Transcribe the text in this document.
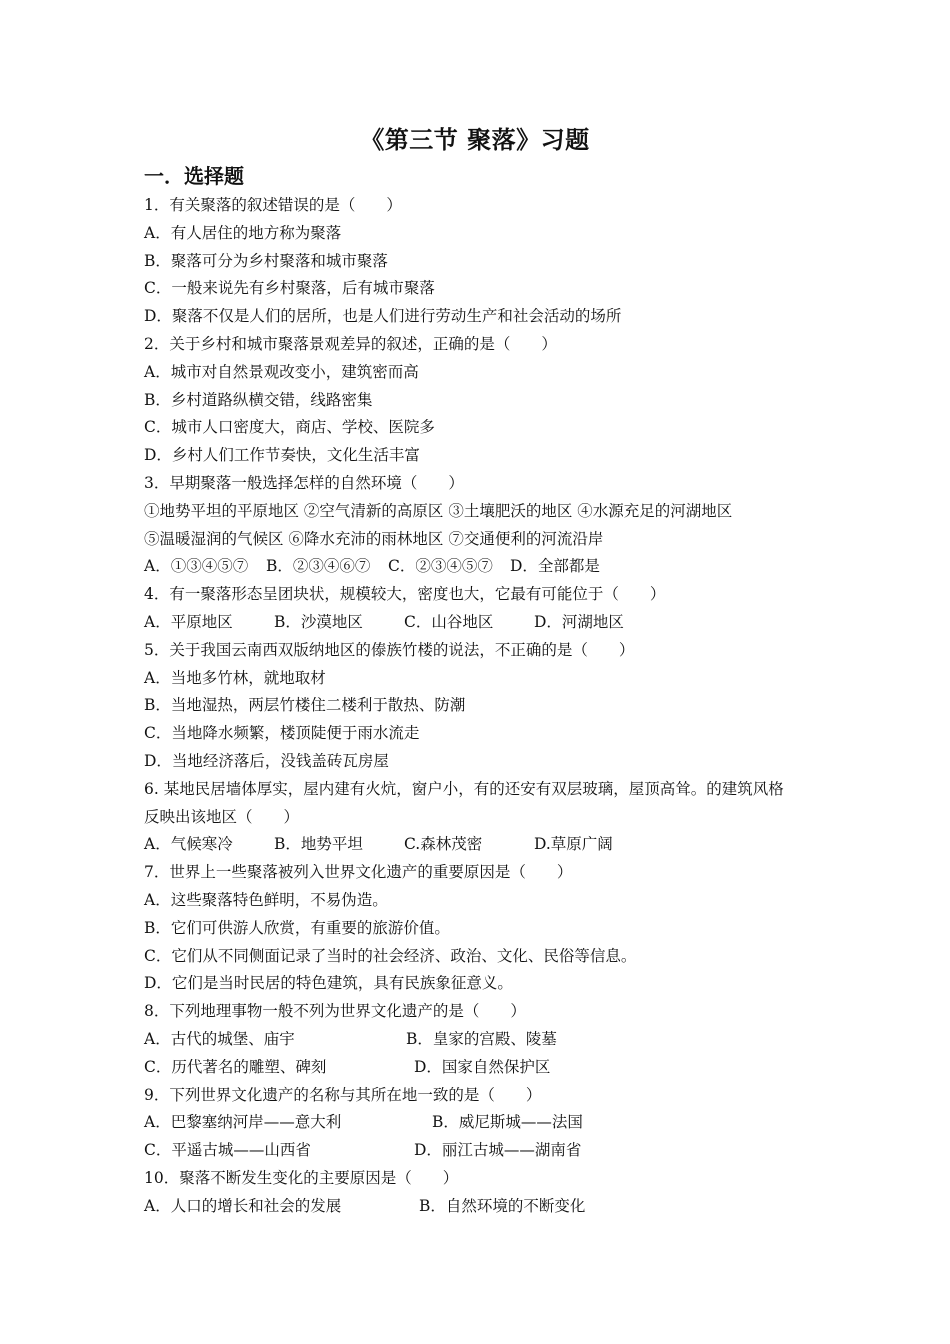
《第三节 聚落》习题
一．选择题
1．有关聚落的叙述错误的是（　　）
A．有人居住的地方称为聚落
B．聚落可分为乡村聚落和城市聚落
C．一般来说先有乡村聚落，后有城市聚落
D．聚落不仅是人们的居所，也是人们进行劳动生产和社会活动的场所
2．关于乡村和城市聚落景观差异的叙述，正确的是（　　）
A．城市对自然景观改变小，建筑密而高
B．乡村道路纵横交错，线路密集
C．城市人口密度大，商店、学校、医院多
D．乡村人们工作节奏快，文化生活丰富
3．早期聚落一般选择怎样的自然环境（　　）
①地势平坦的平原地区 ②空气清新的高原区 ③土壤肥沃的地区 ④水源充足的河湖地区
⑤温暖湿润的气候区 ⑥降水充沛的雨林地区 ⑦交通便利的河流沿岸
A．①③④⑤⑦	B．②③④⑥⑦	C．②③④⑤⑦	D．全部都是
4．有一聚落形态呈团块状，规模较大，密度也大，它最有可能位于（　　）
A．平原地区	B．沙漠地区	C．山谷地区	D．河湖地区
5．关于我国云南西双版纳地区的傣族竹楼的说法，不正确的是（　　）
A．当地多竹林，就地取材
B．当地湿热，两层竹楼住二楼利于散热、防潮
C．当地降水频繁，楼顶陡便于雨水流走
D．当地经济落后，没钱盖砖瓦房屋
6. 某地民居墙体厚实，屋内建有火炕，窗户小，有的还安有双层玻璃，屋顶高耸。的建筑风格
反映出该地区（　　）
A．气候寒冷	B．地势平坦	C.森林茂密	D.草原广阔
7．世界上一些聚落被列入世界文化遗产的重要原因是（　　）
A．这些聚落特色鲜明，不易伪造。
B．它们可供游人欣赏，有重要的旅游价值。
C．它们从不同侧面记录了当时的社会经济、政治、文化、民俗等信息。
D．它们是当时民居的特色建筑，具有民族象征意义。
8．下列地理事物一般不列为世界文化遗产的是（　　）
A．古代的城堡、庙宇	B．皇家的宫殿、陵墓
C．历代著名的雕塑、碑刻	D．国家自然保护区
9．下列世界文化遗产的名称与其所在地一致的是（　　）
A．巴黎塞纳河岸——意大利	B．威尼斯城——法国
C．平遥古城——山西省	D．丽江古城——湖南省
10．聚落不断发生变化的主要原因是（　　）
A．人口的增长和社会的发展	B．自然环境的不断变化
